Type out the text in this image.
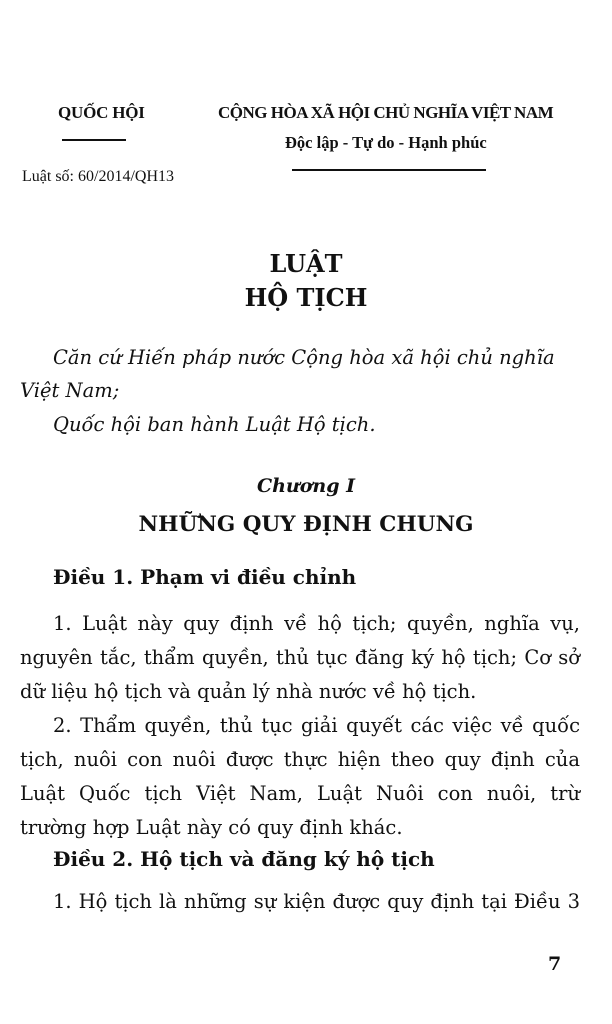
QUỐC HỘI	CỘNG HÒA XÃ HỘI CHỦ NGHĨA VIỆT NAM
Độc lập - Tự do - Hạnh phúc
Luật số: 60/2014/QH13
LUẬT
HỘ TỊCH
Căn cứ Hiến pháp nước Cộng hòa xã hội chủ nghĩa
Việt Nam;
Quốc hội ban hành Luật Hộ tịch.
Chương I
NHỮNG QUY ĐỊNH CHUNG
Điều 1. Phạm vi điều chỉnh
1. Luật này quy định về hộ tịch; quyền, nghĩa vụ,
nguyên tắc, thẩm quyền, thủ tục đăng ký hộ tịch; Cơ sở
dữ liệu hộ tịch và quản lý nhà nước về hộ tịch.
2. Thẩm quyền, thủ tục giải quyết các việc về quốc
tịch, nuôi con nuôi được thực hiện theo quy định của
Luật Quốc tịch Việt Nam, Luật Nuôi con nuôi, trừ
trường hợp Luật này có quy định khác.
Điều 2. Hộ tịch và đăng ký hộ tịch
1. Hộ tịch là những sự kiện được quy định tại Điều 3
7
